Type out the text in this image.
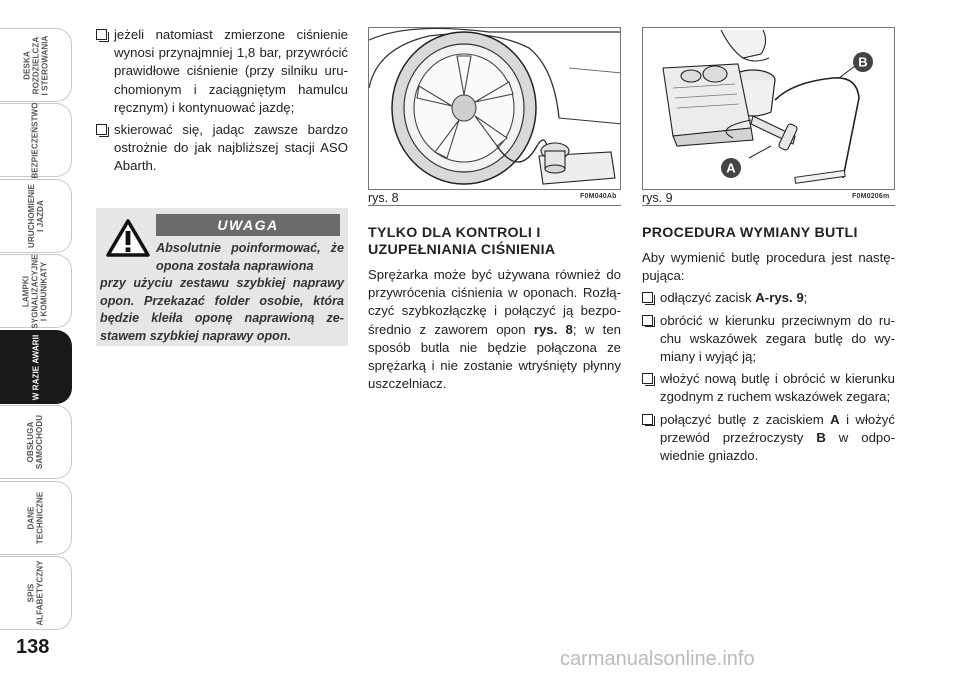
DESKA
ROZDZIELCZA
I STEROWANIA
BEZPIECZEŃSTWO
URUCHOMIENIE
I JAZDA
LAMPKI
SYGNALIZACYJNE
I KOMUNIKATY
W RAZIE AWARII
OBSŁUGA
SAMOCHODU
DANE
TECHNICZNE
SPIS
ALFABETYCZNY
138
jeżeli natomiast zmierzone ciśnienie wynosi przynajmniej 1,8 bar, przywrócić prawidłowe ciśnienie (przy silniku uruchomionym i zaciągniętym hamulcu ręcznym) i kontynuować jazdę;
skierować się, jadąc zawsze bardzo ostrożnie do jak najbliższej stacji ASO Abarth.
UWAGA
Absolutnie poinformować, że opona została naprawiona
przy użyciu zestawu szybkiej naprawy opon. Przekazać folder osobie, która będzie kleiła oponę naprawioną zestawem szybkiej naprawy opon.
rys. 8	F0M040Ab
A
B
rys. 9	F0M0206m
TYLKO DLA KONTROLI I UZUPEŁNIANIA CIŚNIENIA
Sprężarka może być używana również do przywrócenia ciśnienia w oponach. Rozłączyć szybkozłączkę i połączyć ją bezpośrednio z zaworem opon rys. 8; w ten sposób butla nie będzie połączona ze sprężarką i nie zostanie wtryśnięty płynny uszczelniacz.
PROCEDURA WYMIANY BUTLI
Aby wymienić butlę procedura jest następująca:
odłączyć zacisk A-rys. 9;
obrócić w kierunku przeciwnym do ruchu wskazówek zegara butlę do wymiany i wyjąć ją;
włożyć nową butlę i obrócić w kierunku zgodnym z ruchem wskazówek zegara;
połączyć butlę z zaciskiem A i włożyć przewód przeźroczysty B w odpowiednie gniazdo.
carmanualsonline.info
